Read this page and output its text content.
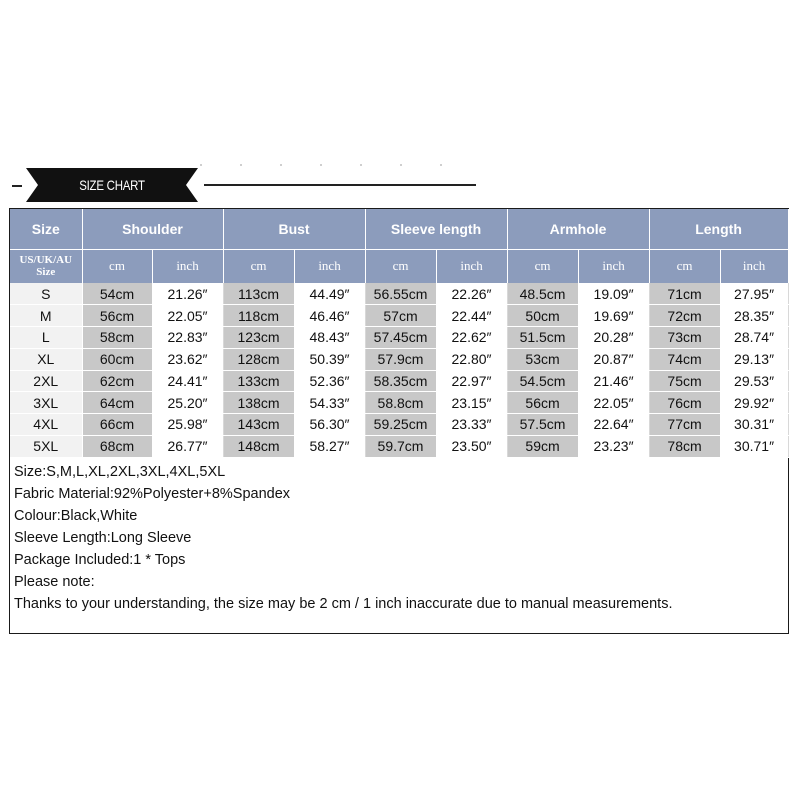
SIZE CHART
Size	Shoulder		Bust		Sleeve length		Armhole		Length	

US/UK/AU
Size	cm	inch	cm	inch	cm	inch	cm	inch	cm	inch
S	54cm	21.26″	113cm	44.49″	56.55cm	22.26″	48.5cm	19.09″	71cm	27.95″
M	56cm	22.05″	118cm	46.46″	57cm	22.44″	50cm	19.69″	72cm	28.35″
L	58cm	22.83″	123cm	48.43″	57.45cm	22.62″	51.5cm	20.28″	73cm	28.74″
XL	60cm	23.62″	128cm	50.39″	57.9cm	22.80″	53cm	20.87″	74cm	29.13″
2XL	62cm	24.41″	133cm	52.36″	58.35cm	22.97″	54.5cm	21.46″	75cm	29.53″
3XL	64cm	25.20″	138cm	54.33″	58.8cm	23.15″	56cm	22.05″	76cm	29.92″
4XL	66cm	25.98″	143cm	56.30″	59.25cm	23.33″	57.5cm	22.64″	77cm	30.31″
5XL	68cm	26.77″	148cm	58.27″	59.7cm	23.50″	59cm	23.23″	78cm	30.71″
Size:S,M,L,XL,2XL,3XL,4XL,5XL
Fabric Material:92%Polyester+8%Spandex
Colour:Black,White
Sleeve Length:Long Sleeve
Package Included:1 * Tops
Please note:
Thanks to your understanding, the size may be 2 cm / 1 inch inaccurate due to manual measurements.
